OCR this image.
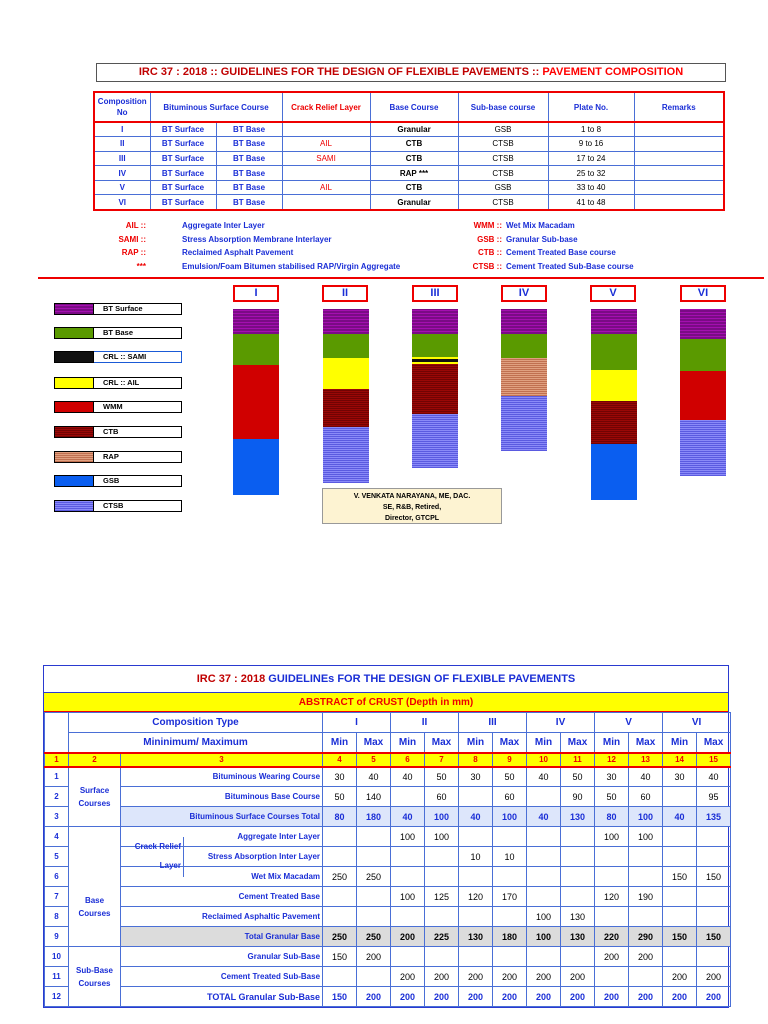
IRC 37 : 2018 :: GUIDELINES FOR THE DESIGN OF FLEXIBLE PAVEMENTS :: PAVEMENT COMPOSITION
Composition No	Bituminous Surface Course		Crack Relief Layer	Base Course	Sub-base course	Plate No.	Remarks
I	BT Surface	BT Base		Granular	GSB	1 to 8	
II	BT Surface	BT Base	AIL	CTB	CTSB	9 to 16	
III	BT Surface	BT Base	SAMI	CTB	CTSB	17 to 24	
IV	BT Surface	BT Base		RAP ***	CTSB	25 to 32	
V	BT Surface	BT Base	AIL	CTB	GSB	33 to 40	
VI	BT Surface	BT Base		Granular	CTSB	41 to 48	
AIL ::	Aggregate Inter Layer
SAMI ::	Stress Absorption Membrane Interlayer
RAP ::	Reclaimed Asphalt Pavement
***	Emulsion/Foam Bitumen stabilised RAP/Virgin Aggregate
WMM :: Wet Mix Macadam
GSB :: Granular Sub-base
CTB :: Cement Treated Base course
CTSB :: Cement Treated Sub-Base course
BT Surface
BT Base
CRL :: SAMI
CRL :: AIL
WMM
CTB
RAP
GSB
CTSB
I	II	III	IV	V	VI
V. VENKATA NARAYANA, ME, DAC.
SE, R&B, Retired,
Director, GTCPL
IRC 37 : 2018 GUIDELINEs FOR THE DESIGN OF FLEXIBLE PAVEMENTS
ABSTRACT of CRUST (Depth in mm)
	Composition Type		I		II		III		IV		V		VI	
	Mininimum/ Maximum		Min	Max	Min	Max	Min	Max	Min	Max	Min	Max	Min	Max
1	2	3	4	5	6	7	8	9	10	11	12	13	14	15
1	Surface Courses	Bituminous Wearing Course	30	40	40	50	30	50	40	50	30	40	30	40
2		Bituminous Base Course	50	140		60		60		90	50	60		95
3		Bituminous Surface Courses Total	80	180	40	100	40	100	40	130	80	100	40	135
4	Base Courses	Aggregate Inter Layer			100	100					100	100		
5		Stress Absorption Inter Layer					10	10						
6		Wet Mix Macadam	250	250									150	150
7		Cement Treated Base			100	125	120	170			120	190		
8		Reclaimed Asphaltic Pavement							100	130				
9		Total Granular Base	250	250	200	225	130	180	100	130	220	290	150	150
10	Sub-Base Courses	Granular Sub-Base	150	200							200	200		
11		Cement Treated Sub-Base			200	200	200	200	200	200			200	200
12		TOTAL Granular Sub-Base	150	200	200	200	200	200	200	200	200	200	200	200
Crack Relief Layer
